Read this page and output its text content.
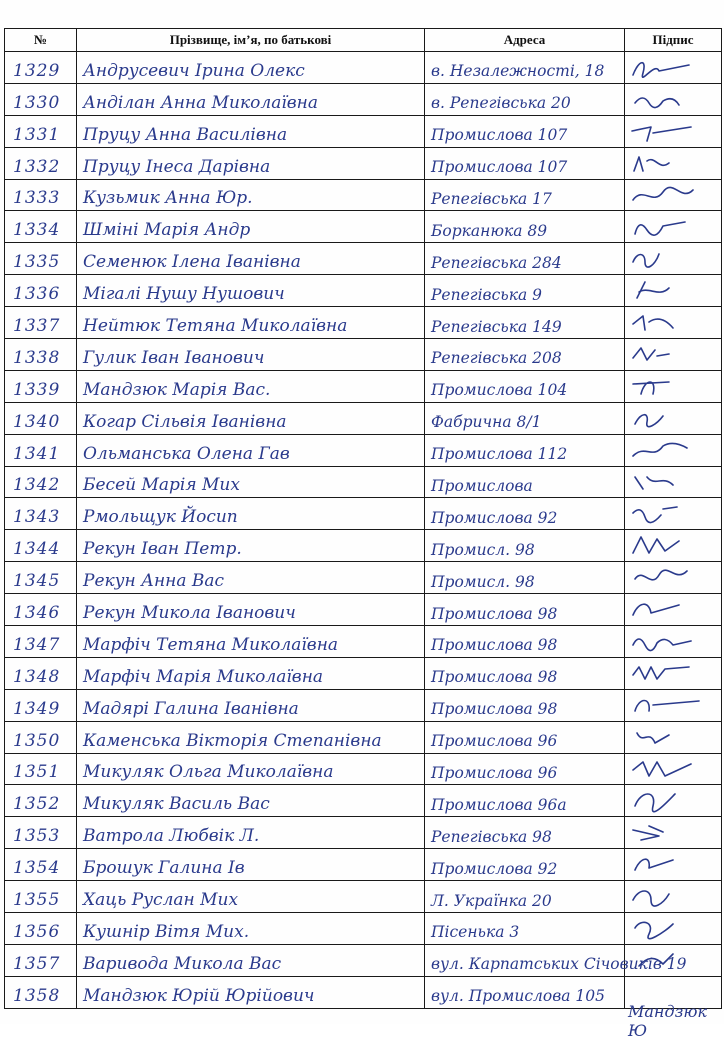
№	Прізвище, ім’я, по батькові	Адреса	Підпис

1329	Андрусевич Ірина Олекс	в. Незалежності, 18

1330	Анділан Анна Миколаївна	в. Репегівська 20

1331	Пруцу Анна Василівна	Промислова 107

1332	Пруцу Інеса Дарівна	Промислова 107

1333	Кузьмик Анна Юр.	Репегівська 17

1334	Шміні Марія Андр	Борканюка 89

1335	Семенюк Ілена Іванівна	Репегівська 284

1336	Мігалі Нушу Нушович	Репегівська 9

1337	Нейтюк Тетяна Миколаївна	Репегівська 149

1338	Гулик Іван Іванович	Репегівська 208

1339	Мандзюк Марія Вас.	Промислова 104

1340	Когар Сільвія Іванівна	Фабрична 8/1

1341	Ольманська Олена Гав	Промислова 112

1342	Бесей Марія Мих	Промислова

1343	Рмольщук Йосип	Промислова 92

1344	Рекун Іван Петр.	Промисл. 98

1345	Рекун Анна Вас	Промисл. 98

1346	Рекун Микола Іванович	Промислова 98

1347	Марфіч Тетяна Миколаївна	Промислова 98

1348	Марфіч Марія Миколаївна	Промислова 98

1349	Мадярі Галина Іванівна	Промислова 98

1350	Каменська Вікторія Степанівна	Промислова 96

1351	Микуляк Ольга Миколаївна	Промислова 96

1352	Микуляк Василь Вас	Промислова 96а

1353	Ватрола Любвік Л.	Репегівська 98

1354	Брошук Галина Ів	Промислова 92

1355	Хаць Руслан Мих	Л. Українка 20

1356	Кушнір Вітя Мих.	Пісенька 3

1357	Вариводa Микола Вас	вул. Карпатських Січовиків 19

1358	Мандзюк Юрій Юрійович	вул. Промислова 105	

Мандзюк Ю
